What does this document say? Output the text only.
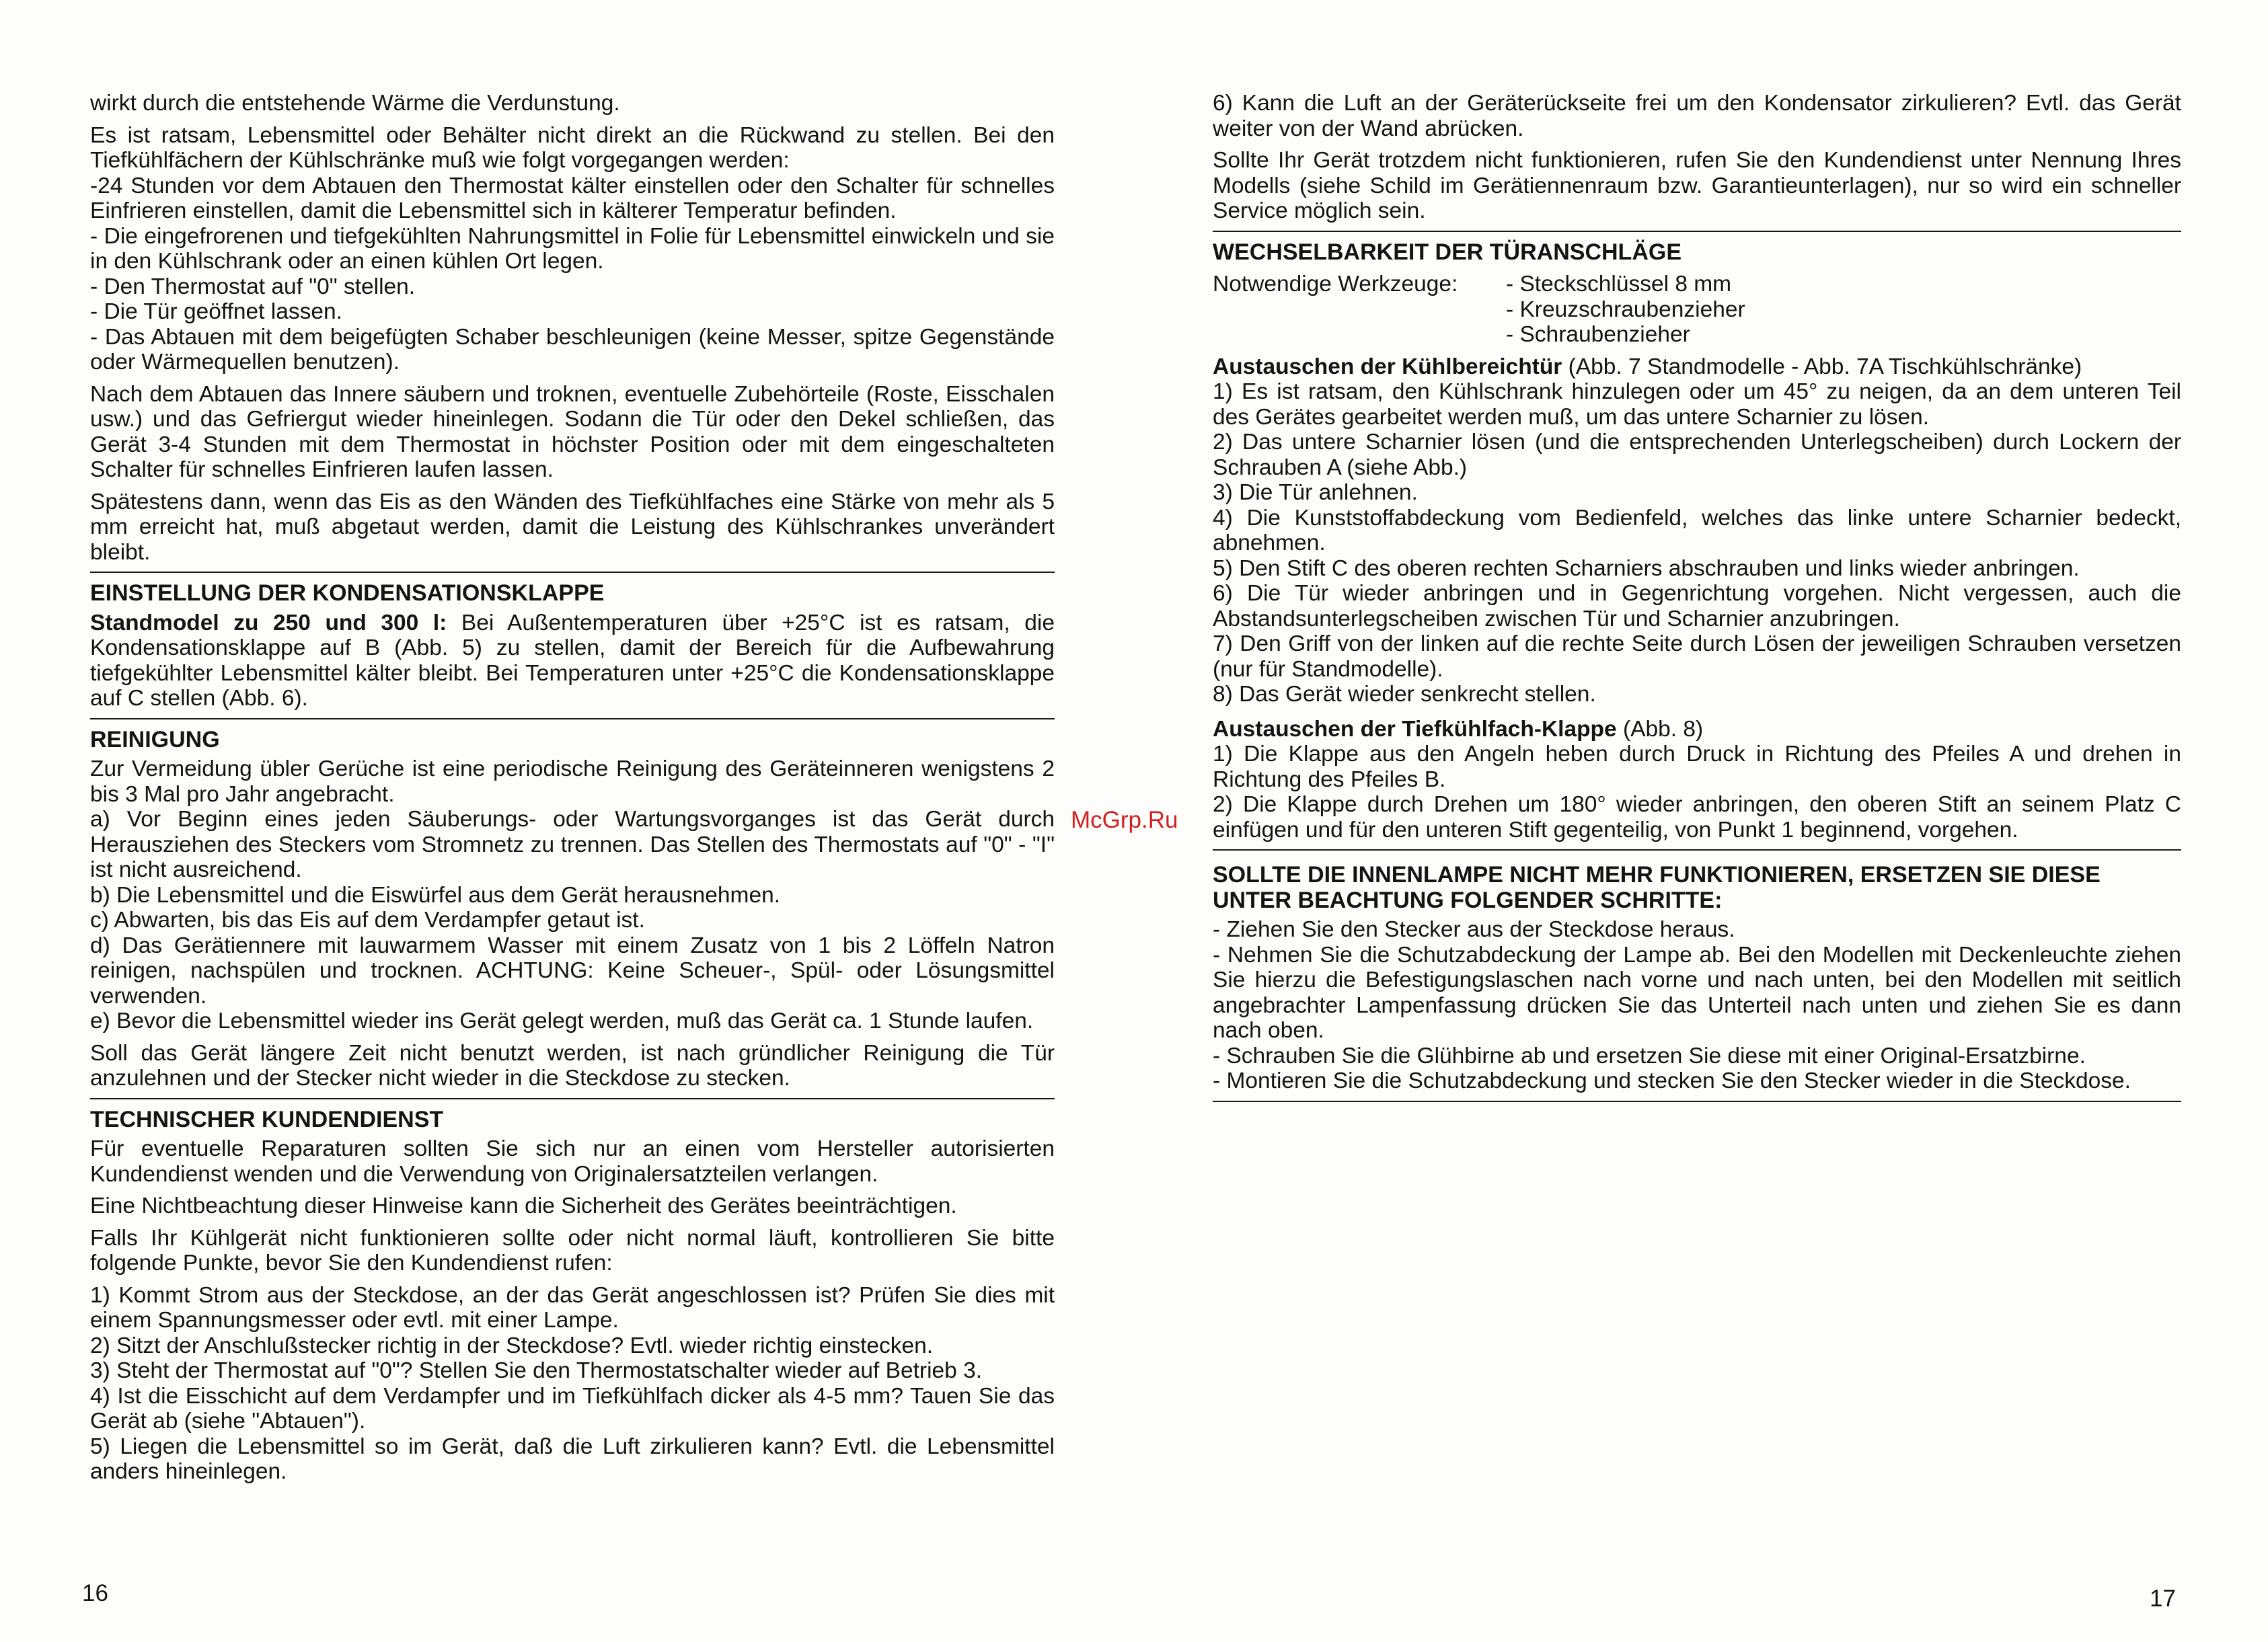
wirkt durch die entstehende Wärme die Verdunstung.

Es ist ratsam, Lebensmittel oder Behälter nicht direkt an die Rückwand zu stellen. Bei den Tiefkühlfächern der Kühlschränke muß wie folgt vorgegangen werden:
-24 Stunden vor dem Abtauen den Thermostat kälter einstellen oder den Schalter für schnelles Einfrieren einstellen, damit die Lebensmittel sich in kälterer Temperatur befinden.
- Die eingefrorenen und tiefgekühlten Nahrungsmittel in Folie für Lebensmittel einwickeln und sie in den Kühlschrank oder an einen kühlen Ort legen.
- Den Thermostat auf "0" stellen.
- Die Tür geöffnet lassen.
- Das Abtauen mit dem beigefügten Schaber beschleunigen (keine Messer, spitze Gegenstände oder Wärmequellen benutzen).

Nach dem Abtauen das Innere säubern und troknen, eventuelle Zubehörteile (Roste, Eisschalen usw.) und das Gefriergut wieder hineinlegen. Sodann die Tür oder den Dekel schließen, das Gerät 3-4 Stunden mit dem Thermostat in höchster Position oder mit dem eingeschalteten Schalter für schnelles Einfrieren laufen lassen.

Spätestens dann, wenn das Eis as den Wänden des Tiefkühlfaches eine Stärke von mehr als 5 mm erreicht hat, muß abgetaut werden, damit die Leistung des Kühlschrankes unverändert bleibt.

EINSTELLUNG DER KONDENSATIONSKLAPPE

Standmodel zu 250 und 300 l: Bei Außentemperaturen über +25°C ist es ratsam, die Kondensationsklappe auf B (Abb. 5) zu stellen, damit der Bereich für die Aufbewahrung tiefgekühlter Lebensmittel kälter bleibt. Bei Temperaturen unter +25°C die Kondensationsklappe auf C stellen (Abb. 6).

REINIGUNG

Zur Vermeidung übler Gerüche ist eine periodische Reinigung des Geräteinneren wenigstens 2 bis 3 Mal pro Jahr angebracht.
a) Vor Beginn eines jeden Säuberungs- oder Wartungsvorganges ist das Gerät durch Herausziehen des Steckers vom Stromnetz zu trennen. Das Stellen des Thermostats auf "0" - "I" ist nicht ausreichend.
b) Die Lebensmittel und die Eiswürfel aus dem Gerät herausnehmen.
c) Abwarten, bis das Eis auf dem Verdampfer getaut ist.
d) Das Gerätiennere mit lauwarmem Wasser mit einem Zusatz von 1 bis 2 Löffeln Natron reinigen, nachspülen und trocknen. ACHTUNG: Keine Scheuer-, Spül- oder Lösungsmittel verwenden.
e) Bevor die Lebensmittel wieder ins Gerät gelegt werden, muß das Gerät ca. 1 Stunde laufen.

Soll das Gerät längere Zeit nicht benutzt werden, ist nach gründlicher Reinigung die Tür anzulehnen und der Stecker nicht wieder in die Steckdose zu stecken.

TECHNISCHER KUNDENDIENST

Für eventuelle Reparaturen sollten Sie sich nur an einen vom Hersteller autorisierten Kundendienst wenden und die Verwendung von Originalersatzteilen verlangen.

Eine Nichtbeachtung dieser Hinweise kann die Sicherheit des Gerätes beeinträchtigen.

Falls Ihr Kühlgerät nicht funktionieren sollte oder nicht normal läuft, kontrollieren Sie bitte folgende Punkte, bevor Sie den Kundendienst rufen:

1) Kommt Strom aus der Steckdose, an der das Gerät angeschlossen ist? Prüfen Sie dies mit einem Spannungsmesser oder evtl. mit einer Lampe.
2) Sitzt der Anschlußstecker richtig in der Steckdose? Evtl. wieder richtig einstecken.
3) Steht der Thermostat auf "0"? Stellen Sie den Thermostatschalter wieder auf Betrieb 3.
4) Ist die Eisschicht auf dem Verdampfer und im Tiefkühlfach dicker als 4-5 mm? Tauen Sie das Gerät ab (siehe "Abtauen").
5) Liegen die Lebensmittel so im Gerät, daß die Luft zirkulieren kann? Evtl. die Lebensmittel anders hineinlegen.

16
McGrp.Ru

6) Kann die Luft an der Geräterückseite frei um den Kondensator zirkulieren? Evtl. das Gerät weiter von der Wand abrücken.

Sollte Ihr Gerät trotzdem nicht funktionieren, rufen Sie den Kundendienst unter Nennung Ihres Modells (siehe Schild im Gerätiennenraum bzw. Garantieunterlagen), nur so wird ein schneller Service möglich sein.

WECHSELBARKEIT DER TÜRANSCHLÄGE
Notwendige Werkzeuge:	- Steckschlüssel 8 mm
- Kreuzschraubenzieher
- Schraubenzieher
Austauschen der Kühlbereichtür (Abb. 7 Standmodelle - Abb. 7A Tischkühlschränke)

1) Es ist ratsam, den Kühlschrank hinzulegen oder um 45° zu neigen, da an dem unteren Teil des Gerätes gearbeitet werden muß, um das untere Scharnier zu lösen.
2) Das untere Scharnier lösen (und die entsprechenden Unterlegscheiben) durch Lockern der Schrauben A (siehe Abb.)
3) Die Tür anlehnen.
4) Die Kunststoffabdeckung vom Bedienfeld, welches das linke untere Scharnier bedeckt, abnehmen.
5) Den Stift C des oberen rechten Scharniers abschrauben und links wieder anbringen.
6) Die Tür wieder anbringen und in Gegenrichtung vorgehen. Nicht vergessen, auch die Abstandsunterlegscheiben zwischen Tür und Scharnier anzubringen.
7) Den Griff von der linken auf die rechte Seite durch Lösen der jeweiligen Schrauben versetzen (nur für Standmodelle).
8) Das Gerät wieder senkrecht stellen.

Austauschen der Tiefkühlfach-Klappe (Abb. 8)

1) Die Klappe aus den Angeln heben durch Druck in Richtung des Pfeiles A und drehen in Richtung des Pfeiles B.
2) Die Klappe durch Drehen um 180° wieder anbringen, den oberen Stift an seinem Platz C einfügen und für den unteren Stift gegenteilig, von Punkt 1 beginnend, vorgehen.

SOLLTE DIE INNENLAMPE NICHT MEHR FUNKTIONIEREN, ERSETZEN SIE DIESE UNTER BEACHTUNG FOLGENDER SCHRITTE:

- Ziehen Sie den Stecker aus der Steckdose heraus.
- Nehmen Sie die Schutzabdeckung der Lampe ab. Bei den Modellen mit Deckenleuchte ziehen Sie hierzu die Befestigungslaschen nach vorne und nach unten, bei den Modellen mit seitlich angebrachter Lampenfassung drücken Sie das Unterteil nach unten und ziehen Sie es dann nach oben.
- Schrauben Sie die Glühbirne ab und ersetzen Sie diese mit einer Original-Ersatzbirne.
- Montieren Sie die Schutzabdeckung und stecken Sie den Stecker wieder in die Steckdose.

17
